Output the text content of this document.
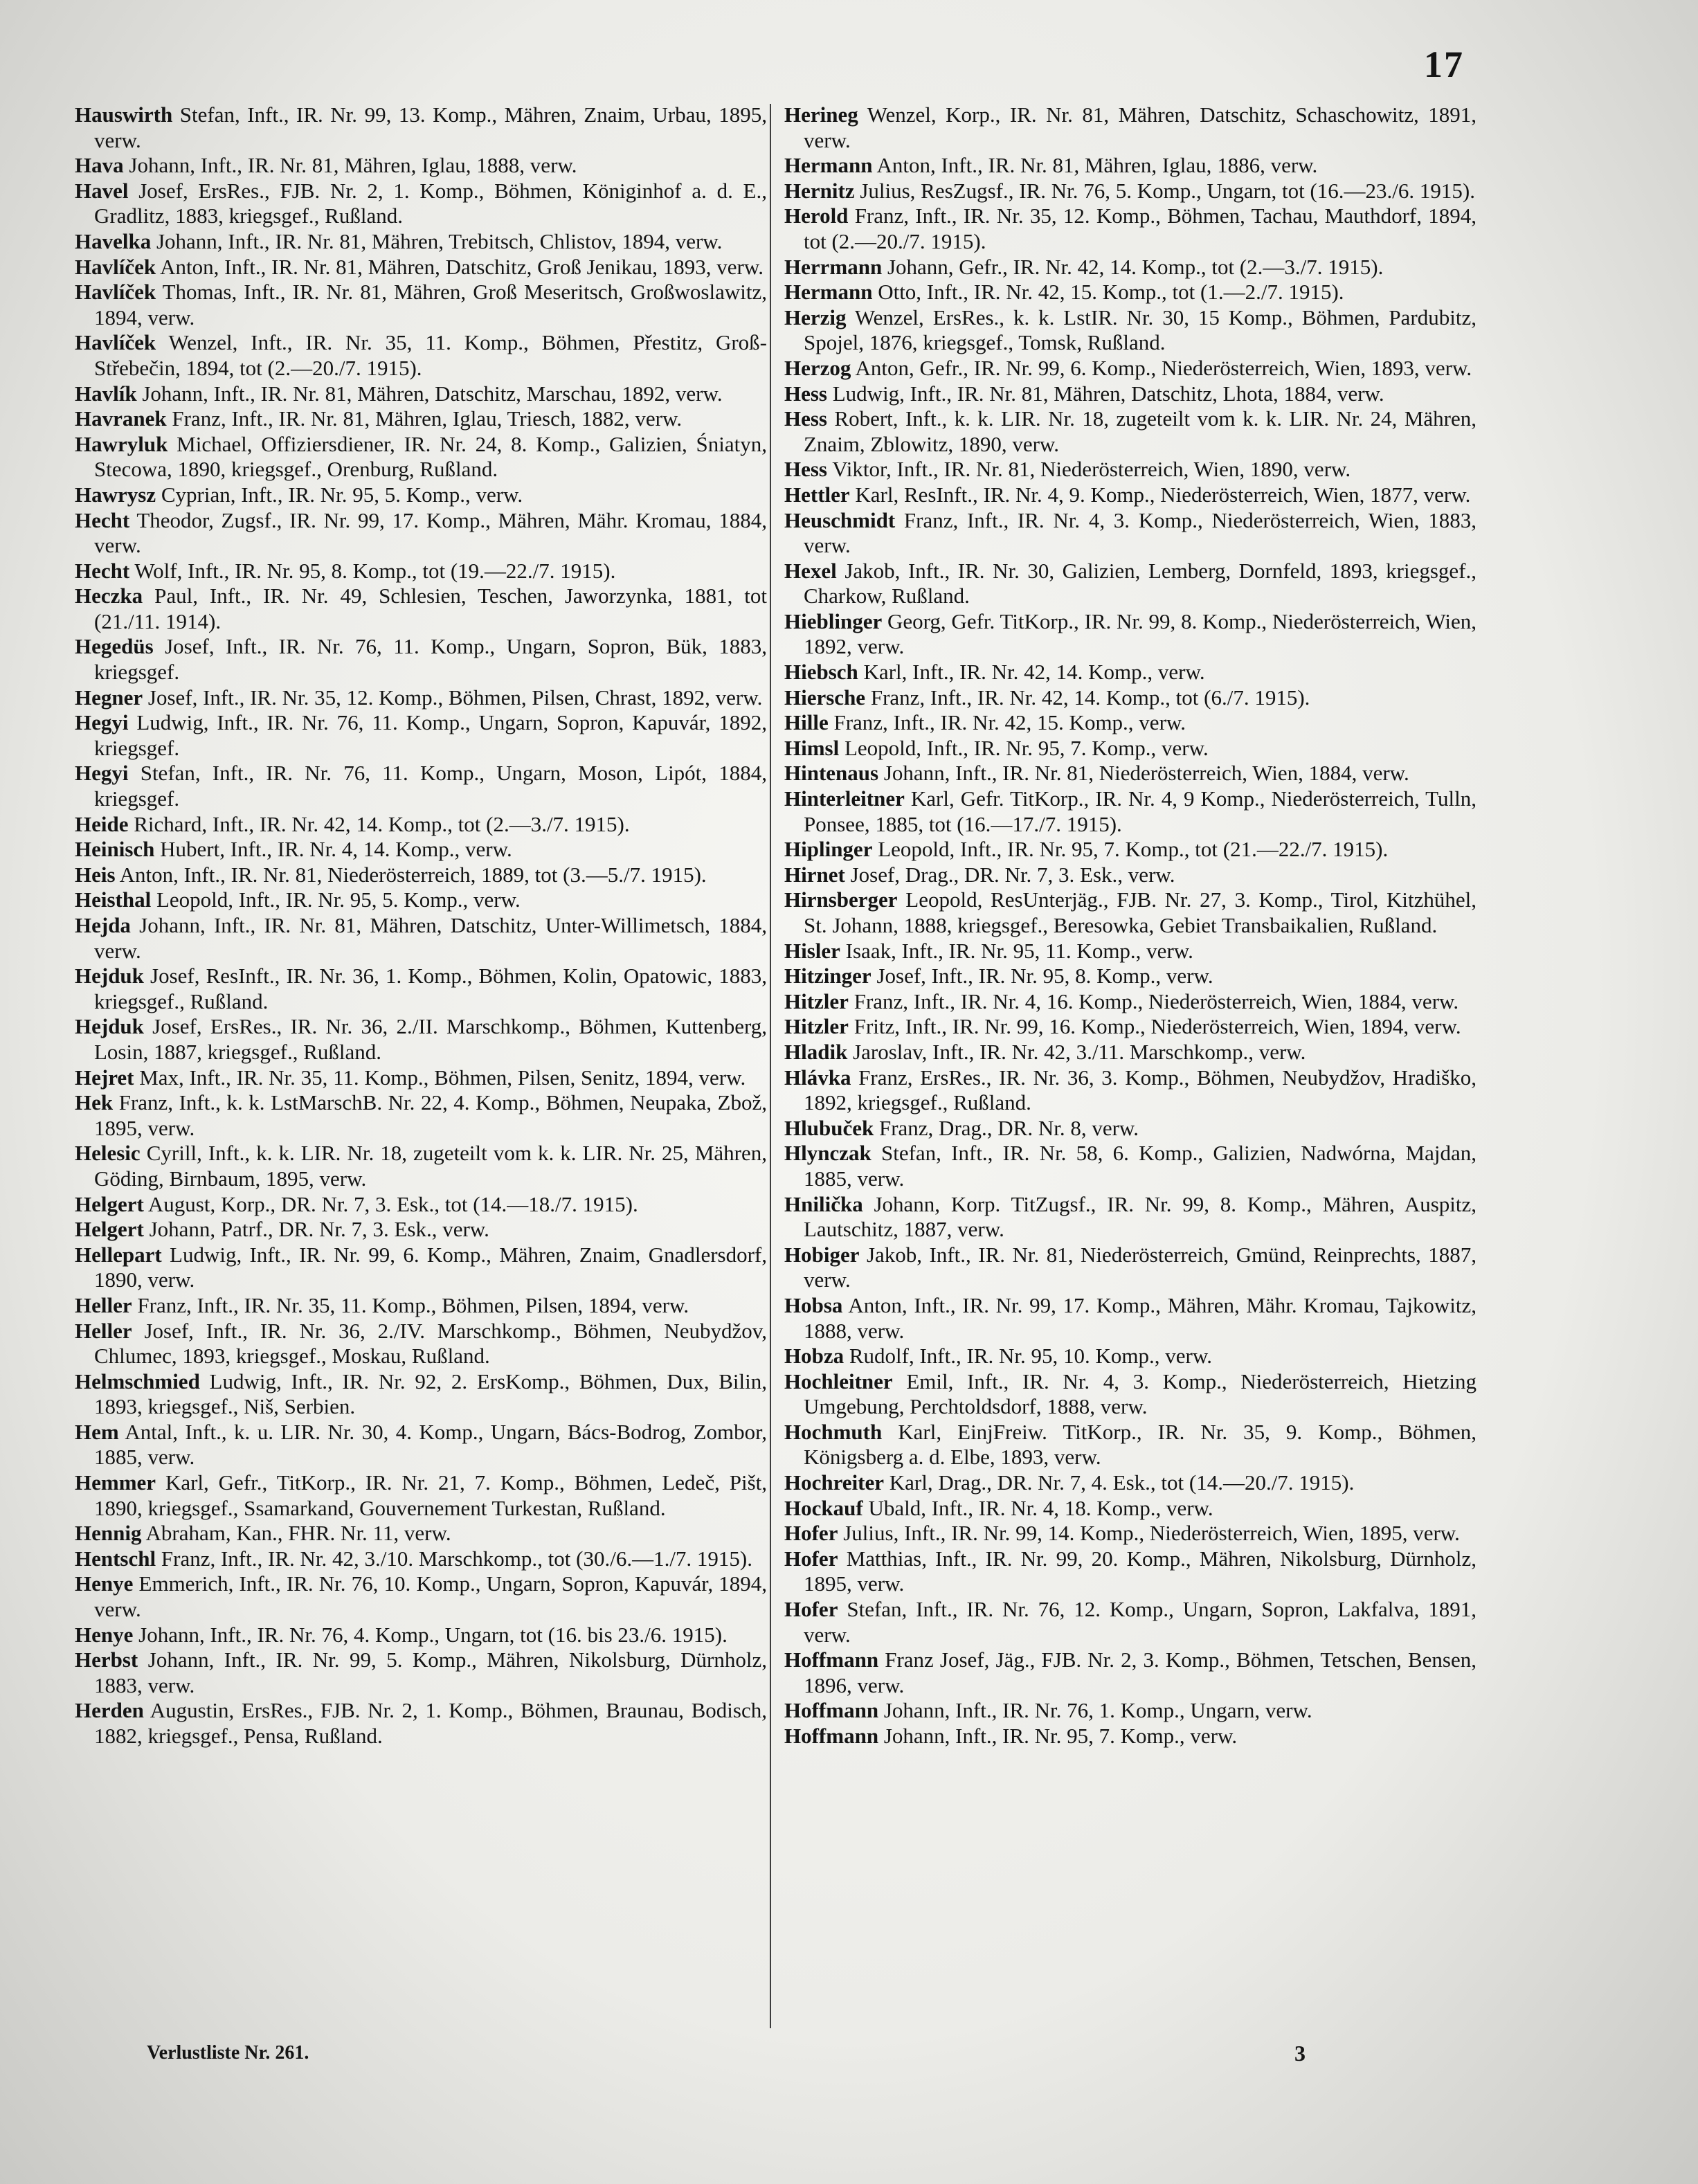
17

Hauswirth Stefan, Inft., IR. Nr. 99, 13. Komp., Mähren, Znaim, Urbau, 1895, verw.

Hava Johann, Inft., IR. Nr. 81, Mähren, Iglau, 1888, verw.

Havel Josef, ErsRes., FJB. Nr. 2, 1. Komp., Böhmen, Königinhof a. d. E., Gradlitz, 1883, kriegsgef., Rußland.

Havelka Johann, Inft., IR. Nr. 81, Mähren, Trebitsch, Chlistov, 1894, verw.

Havlíček Anton, Inft., IR. Nr. 81, Mähren, Datschitz, Groß Jenikau, 1893, verw.

Havlíček Thomas, Inft., IR. Nr. 81, Mähren, Groß Meseritsch, Großwoslawitz, 1894, verw.

Havlíček Wenzel, Inft., IR. Nr. 35, 11. Komp., Böhmen, Přestitz, Groß-Střebečin, 1894, tot (2.—20./7. 1915).

Havlík Johann, Inft., IR. Nr. 81, Mähren, Datschitz, Marschau, 1892, verw.

Havranek Franz, Inft., IR. Nr. 81, Mähren, Iglau, Triesch, 1882, verw.

Hawryluk Michael, Offiziersdiener, IR. Nr. 24, 8. Komp., Galizien, Śniatyn, Stecowa, 1890, kriegsgef., Orenburg, Rußland.

Hawrysz Cyprian, Inft., IR. Nr. 95, 5. Komp., verw.

Hecht Theodor, Zugsf., IR. Nr. 99, 17. Komp., Mähren, Mähr. Kromau, 1884, verw.

Hecht Wolf, Inft., IR. Nr. 95, 8. Komp., tot (19.—22./7. 1915).

Heczka Paul, Inft., IR. Nr. 49, Schlesien, Teschen, Jaworzynka, 1881, tot (21./11. 1914).

Hegedüs Josef, Inft., IR. Nr. 76, 11. Komp., Ungarn, Sopron, Bük, 1883, kriegsgef.

Hegner Josef, Inft., IR. Nr. 35, 12. Komp., Böhmen, Pilsen, Chrast, 1892, verw.

Hegyi Ludwig, Inft., IR. Nr. 76, 11. Komp., Ungarn, Sopron, Kapuvár, 1892, kriegsgef.

Hegyi Stefan, Inft., IR. Nr. 76, 11. Komp., Ungarn, Moson, Lipót, 1884, kriegsgef.

Heide Richard, Inft., IR. Nr. 42, 14. Komp., tot (2.—3./7. 1915).

Heinisch Hubert, Inft., IR. Nr. 4, 14. Komp., verw.

Heis Anton, Inft., IR. Nr. 81, Niederösterreich, 1889, tot (3.—5./7. 1915).

Heisthal Leopold, Inft., IR. Nr. 95, 5. Komp., verw.

Hejda Johann, Inft., IR. Nr. 81, Mähren, Datschitz, Unter-Willimetsch, 1884, verw.

Hejduk Josef, ResInft., IR. Nr. 36, 1. Komp., Böhmen, Kolin, Opatowic, 1883, kriegsgef., Rußland.

Hejduk Josef, ErsRes., IR. Nr. 36, 2./II. Marschkomp., Böhmen, Kuttenberg, Losin, 1887, kriegsgef., Rußland.

Hejret Max, Inft., IR. Nr. 35, 11. Komp., Böhmen, Pilsen, Senitz, 1894, verw.

Hek Franz, Inft., k. k. LstMarschB. Nr. 22, 4. Komp., Böhmen, Neupaka, Zbož, 1895, verw.

Helesic Cyrill, Inft., k. k. LIR. Nr. 18, zugeteilt vom k. k. LIR. Nr. 25, Mähren, Göding, Birnbaum, 1895, verw.

Helgert August, Korp., DR. Nr. 7, 3. Esk., tot (14.—18./7. 1915).

Helgert Johann, Patrf., DR. Nr. 7, 3. Esk., verw.

Hellepart Ludwig, Inft., IR. Nr. 99, 6. Komp., Mähren, Znaim, Gnadlersdorf, 1890, verw.

Heller Franz, Inft., IR. Nr. 35, 11. Komp., Böhmen, Pilsen, 1894, verw.

Heller Josef, Inft., IR. Nr. 36, 2./IV. Marschkomp., Böhmen, Neubydžov, Chlumec, 1893, kriegsgef., Moskau, Rußland.

Helmschmied Ludwig, Inft., IR. Nr. 92, 2. ErsKomp., Böhmen, Dux, Bilin, 1893, kriegsgef., Niš, Serbien.

Hem Antal, Inft., k. u. LIR. Nr. 30, 4. Komp., Ungarn, Bács-Bodrog, Zombor, 1885, verw.

Hemmer Karl, Gefr., TitKorp., IR. Nr. 21, 7. Komp., Böhmen, Ledeč, Pišt, 1890, kriegsgef., Ssamarkand, Gouvernement Turkestan, Rußland.

Hennig Abraham, Kan., FHR. Nr. 11, verw.

Hentschl Franz, Inft., IR. Nr. 42, 3./10. Marschkomp., tot (30./6.—1./7. 1915).

Henye Emmerich, Inft., IR. Nr. 76, 10. Komp., Ungarn, Sopron, Kapuvár, 1894, verw.

Henye Johann, Inft., IR. Nr. 76, 4. Komp., Ungarn, tot (16. bis 23./6. 1915).

Herbst Johann, Inft., IR. Nr. 99, 5. Komp., Mähren, Nikolsburg, Dürnholz, 1883, verw.

Herden Augustin, ErsRes., FJB. Nr. 2, 1. Komp., Böhmen, Braunau, Bodisch, 1882, kriegsgef., Pensa, Rußland.

Herineg Wenzel, Korp., IR. Nr. 81, Mähren, Datschitz, Schaschowitz, 1891, verw.

Hermann Anton, Inft., IR. Nr. 81, Mähren, Iglau, 1886, verw.

Hernitz Julius, ResZugsf., IR. Nr. 76, 5. Komp., Ungarn, tot (16.—23./6. 1915).

Herold Franz, Inft., IR. Nr. 35, 12. Komp., Böhmen, Tachau, Mauthdorf, 1894, tot (2.—20./7. 1915).

Herrmann Johann, Gefr., IR. Nr. 42, 14. Komp., tot (2.—3./7. 1915).

Hermann Otto, Inft., IR. Nr. 42, 15. Komp., tot (1.—2./7. 1915).

Herzig Wenzel, ErsRes., k. k. LstIR. Nr. 30, 15 Komp., Böhmen, Pardubitz, Spojel, 1876, kriegsgef., Tomsk, Rußland.

Herzog Anton, Gefr., IR. Nr. 99, 6. Komp., Niederösterreich, Wien, 1893, verw.

Hess Ludwig, Inft., IR. Nr. 81, Mähren, Datschitz, Lhota, 1884, verw.

Hess Robert, Inft., k. k. LIR. Nr. 18, zugeteilt vom k. k. LIR. Nr. 24, Mähren, Znaim, Zblowitz, 1890, verw.

Hess Viktor, Inft., IR. Nr. 81, Niederösterreich, Wien, 1890, verw.

Hettler Karl, ResInft., IR. Nr. 4, 9. Komp., Niederösterreich, Wien, 1877, verw.

Heuschmidt Franz, Inft., IR. Nr. 4, 3. Komp., Niederösterreich, Wien, 1883, verw.

Hexel Jakob, Inft., IR. Nr. 30, Galizien, Lemberg, Dornfeld, 1893, kriegsgef., Charkow, Rußland.

Hieblinger Georg, Gefr. TitKorp., IR. Nr. 99, 8. Komp., Niederösterreich, Wien, 1892, verw.

Hiebsch Karl, Inft., IR. Nr. 42, 14. Komp., verw.

Hiersche Franz, Inft., IR. Nr. 42, 14. Komp., tot (6./7. 1915).

Hille Franz, Inft., IR. Nr. 42, 15. Komp., verw.

Himsl Leopold, Inft., IR. Nr. 95, 7. Komp., verw.

Hintenaus Johann, Inft., IR. Nr. 81, Niederösterreich, Wien, 1884, verw.

Hinterleitner Karl, Gefr. TitKorp., IR. Nr. 4, 9 Komp., Niederösterreich, Tulln, Ponsee, 1885, tot (16.—17./7. 1915).

Hiplinger Leopold, Inft., IR. Nr. 95, 7. Komp., tot (21.—22./7. 1915).

Hirnet Josef, Drag., DR. Nr. 7, 3. Esk., verw.

Hirnsberger Leopold, ResUnterjäg., FJB. Nr. 27, 3. Komp., Tirol, Kitzhühel, St. Johann, 1888, kriegsgef., Beresowka, Gebiet Transbaikalien, Rußland.

Hisler Isaak, Inft., IR. Nr. 95, 11. Komp., verw.

Hitzinger Josef, Inft., IR. Nr. 95, 8. Komp., verw.

Hitzler Franz, Inft., IR. Nr. 4, 16. Komp., Niederösterreich, Wien, 1884, verw.

Hitzler Fritz, Inft., IR. Nr. 99, 16. Komp., Niederösterreich, Wien, 1894, verw.

Hladik Jaroslav, Inft., IR. Nr. 42, 3./11. Marschkomp., verw.

Hlávka Franz, ErsRes., IR. Nr. 36, 3. Komp., Böhmen, Neubydžov, Hradiško, 1892, kriegsgef., Rußland.

Hlubuček Franz, Drag., DR. Nr. 8, verw.

Hlynczak Stefan, Inft., IR. Nr. 58, 6. Komp., Galizien, Nadwórna, Majdan, 1885, verw.

Hnilička Johann, Korp. TitZugsf., IR. Nr. 99, 8. Komp., Mähren, Auspitz, Lautschitz, 1887, verw.

Hobiger Jakob, Inft., IR. Nr. 81, Niederösterreich, Gmünd, Reinprechts, 1887, verw.

Hobsa Anton, Inft., IR. Nr. 99, 17. Komp., Mähren, Mähr. Kromau, Tajkowitz, 1888, verw.

Hobza Rudolf, Inft., IR. Nr. 95, 10. Komp., verw.

Hochleitner Emil, Inft., IR. Nr. 4, 3. Komp., Niederösterreich, Hietzing Umgebung, Perchtoldsdorf, 1888, verw.

Hochmuth Karl, EinjFreiw. TitKorp., IR. Nr. 35, 9. Komp., Böhmen, Königsberg a. d. Elbe, 1893, verw.

Hochreiter Karl, Drag., DR. Nr. 7, 4. Esk., tot (14.—20./7. 1915).

Hockauf Ubald, Inft., IR. Nr. 4, 18. Komp., verw.

Hofer Julius, Inft., IR. Nr. 99, 14. Komp., Niederösterreich, Wien, 1895, verw.

Hofer Matthias, Inft., IR. Nr. 99, 20. Komp., Mähren, Nikolsburg, Dürnholz, 1895, verw.

Hofer Stefan, Inft., IR. Nr. 76, 12. Komp., Ungarn, Sopron, Lakfalva, 1891, verw.

Hoffmann Franz Josef, Jäg., FJB. Nr. 2, 3. Komp., Böhmen, Tetschen, Bensen, 1896, verw.

Hoffmann Johann, Inft., IR. Nr. 76, 1. Komp., Ungarn, verw.

Hoffmann Johann, Inft., IR. Nr. 95, 7. Komp., verw.

Verlustliste Nr. 261.	3
